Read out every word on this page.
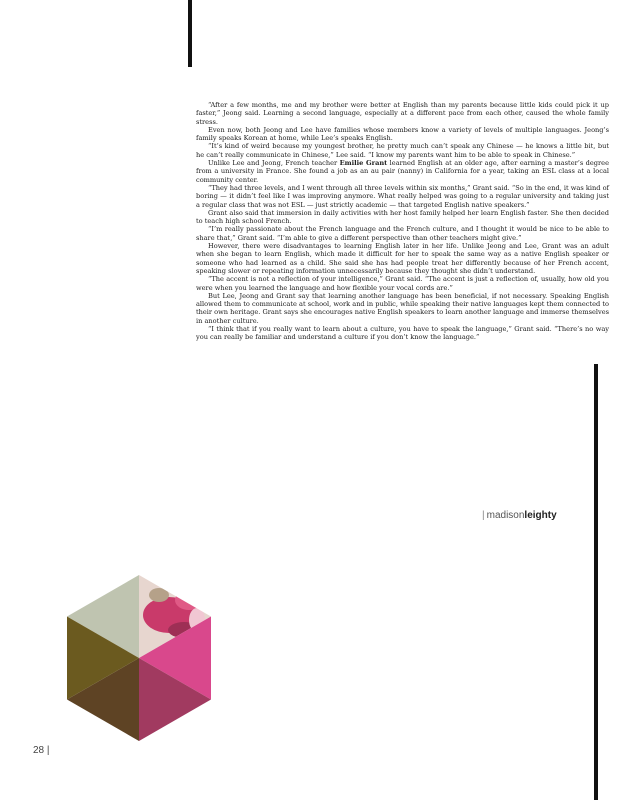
“After a few months, me and my brother were better at English than my parents because little kids could pick it up faster,” Jeong said. Learning a second language, especially at a different pace from each other, caused the whole family stress.

Even now, both Jeong and Lee have families whose members know a variety of levels of multiple languages. Jeong’s family speaks Korean at home, while Lee’s speaks English.

“It’s kind of weird because my youngest brother, he pretty much can’t speak any Chinese — he knows a little bit, but he can’t really communicate in Chinese,” Lee said. “I know my parents want him to be able to speak in Chinese.”

Unlike Lee and Jeong, French teacher Emilie Grant learned English at an older age, after earning a master’s degree from a university in France. She found a job as an au pair (nanny) in California for a year, taking an ESL class at a local community center.

“They had three levels, and I went through all three levels within six months,” Grant said. “So in the end, it was kind of boring — it didn’t feel like I was improving anymore. What really helped was going to a regular university and taking just a regular class that was not ESL — just strictly academic — that targeted English native speakers.”

Grant also said that immersion in daily activities with her host family helped her learn English faster. She then decided to teach high school French.

“I’m really passionate about the French language and the French culture, and I thought it would be nice to be able to share that,” Grant said. “I’m able to give a different perspective than other teachers might give.”

However, there were disadvantages to learning English later in her life. Unlike Jeong and Lee, Grant was an adult when she began to learn English, which made it difficult for her to speak the same way as a native English speaker or someone who had learned as a child. She said she has had people treat her differently because of her French accent, speaking slower or repeating information unnecessarily because they thought she didn’t understand.

“The accent is not a reflection of your intelligence,” Grant said. “The accent is just a reflection of, usually, how old you were when you learned the language and how flexible your vocal cords are.”

But Lee, Jeong and Grant say that learning another language has been beneficial, if not necessary. Speaking English allowed them to communicate at school, work and in public, while speaking their native languages kept them connected to their own heritage. Grant says she encourages native English speakers to learn another language and immerse themselves in another culture.

“I think that if you really want to learn about a culture, you have to speak the language,” Grant said. “There’s no way you can really be familiar and understand a culture if you don’t know the language.”

| madisonleighty
28 |
